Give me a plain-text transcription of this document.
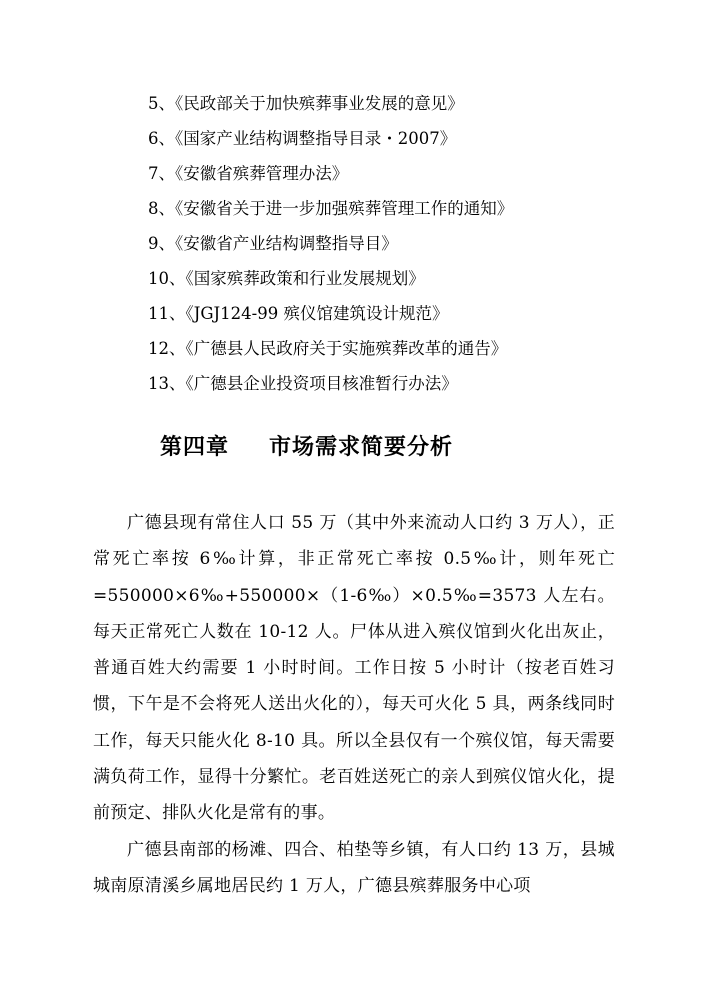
5、《民政部关于加快殡葬事业发展的意见》
6、《国家产业结构调整指导目录・2007》
7、《安徽省殡葬管理办法》
8、《安徽省关于进一步加强殡葬管理工作的通知》
9、《安徽省产业结构调整指导目》
10、《国家殡葬政策和行业发展规划》
11、《JGJ124-99 殡仪馆建筑设计规范》
12、《广德县人民政府关于实施殡葬改革的通告》
13、《广德县企业投资项目核准暂行办法》
第四章 市场需求简要分析

广德县现有常住人口 55 万（其中外来流动人口约 3 万人），正常死亡率按 6‰计算，非正常死亡率按 0.5‰计，则年死亡=550000×6‰+550000×（1-6‰）×0.5‰=3573 人左右。每天正常死亡人数在 10-12 人。尸体从进入殡仪馆到火化出灰止，普通百姓大约需要 1 小时时间。工作日按 5 小时计（按老百姓习惯，下午是不会将死人送出火化的），每天可火化 5 具，两条线同时工作，每天只能火化 8-10 具。所以全县仅有一个殡仪馆，每天需要满负荷工作，显得十分繁忙。老百姓送死亡的亲人到殡仪馆火化，提前预定、排队火化是常有的事。

广德县南部的杨滩、四合、柏垫等乡镇，有人口约 13 万，县城城南原清溪乡属地居民约 1 万人，广德县殡葬服务中心项
